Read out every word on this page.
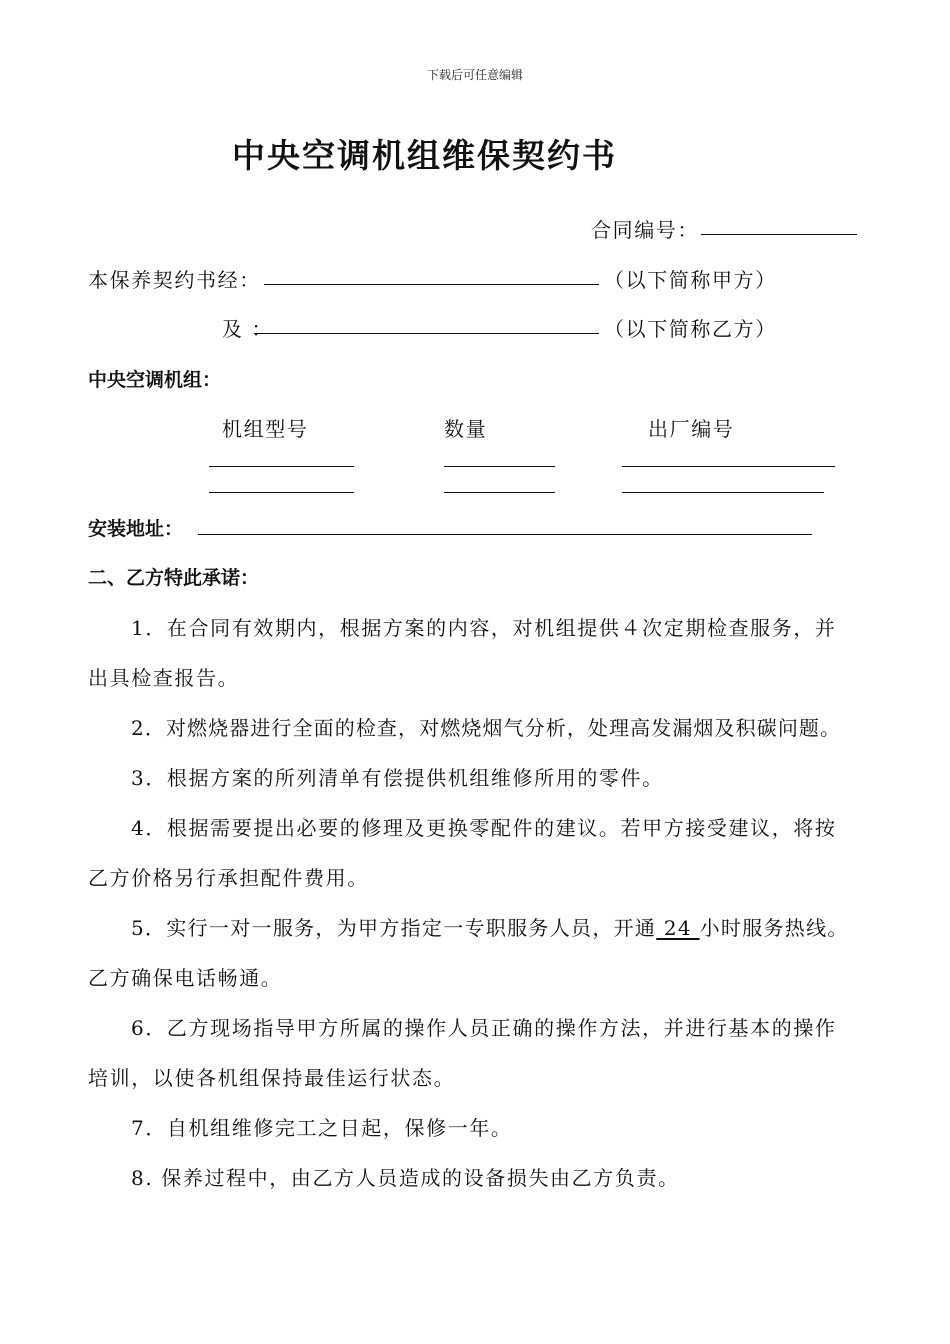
下载后可任意编辑
中央空调机组维保契约书
合同编号：
本保养契约书经：	（以下简称甲方）
及 ：	（以下简称乙方）
中央空调机组：
机组型号	数量	出厂编号
安装地址：
二、乙方特此承诺：
1．在合同有效期内，根据方案的内容，对机组提供４次定期检查服务，并
出具检查报告。
2．对燃烧器进行全面的检查，对燃烧烟气分析，处理高发漏烟及积碳问题。
3．根据方案的所列清单有偿提供机组维修所用的零件。
4．根据需要提出必要的修理及更换零配件的建议。若甲方接受建议，将按
乙方价格另行承担配件费用。
5．实行一对一服务，为甲方指定一专职服务人员，开通 24 小时服务热线。
乙方确保电话畅通。
6．乙方现场指导甲方所属的操作人员正确的操作方法，并进行基本的操作
培训，以使各机组保持最佳运行状态。
7．自机组维修完工之日起，保修一年。
8. 保养过程中，由乙方人员造成的设备损失由乙方负责。
